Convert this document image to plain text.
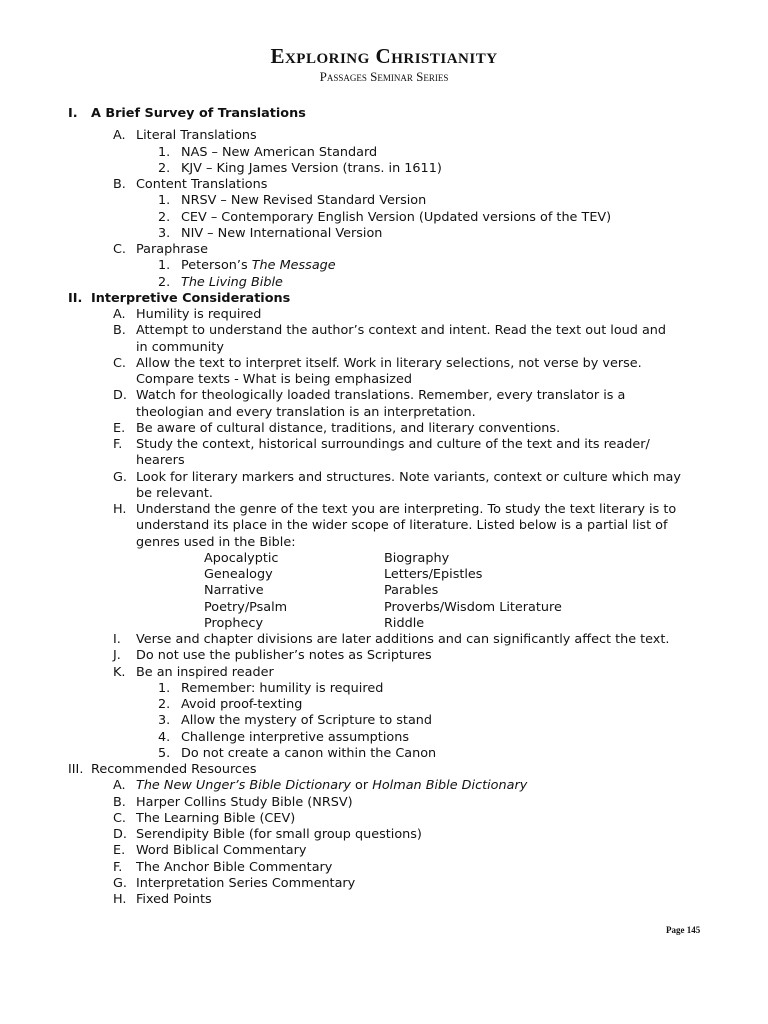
Exploring Christianity
Passages Seminar Series
I. A Brief Survey of Translations
A. Literal Translations
1. NAS – New American Standard
2. KJV – King James Version (trans. in 1611)
B. Content Translations
1. NRSV – New Revised Standard Version
2. CEV – Contemporary English Version (Updated versions of the TEV)
3. NIV – New International Version
C. Paraphrase
1. Peterson’s The Message
2. The Living Bible
II. Interpretive Considerations
A. Humility is required
B. Attempt to understand the author’s context and intent. Read the text out loud and
in community
C. Allow the text to interpret itself. Work in literary selections, not verse by verse.
Compare texts - What is being emphasized
D. Watch for theologically loaded translations. Remember, every translator is a
theologian and every translation is an interpretation.
E. Be aware of cultural distance, traditions, and literary conventions.
F. Study the context, historical surroundings and culture of the text and its reader/
hearers
G. Look for literary markers and structures. Note variants, context or culture which may
be relevant.
H. Understand the genre of the text you are interpreting. To study the text literary is to
understand its place in the wider scope of literature. Listed below is a partial list of
genres used in the Bible:
Apocalyptic	Biography
Genealogy	Letters/Epistles
Narrative	Parables
Poetry/Psalm	Proverbs/Wisdom Literature
Prophecy	Riddle
I. Verse and chapter divisions are later additions and can significantly affect the text.
J. Do not use the publisher’s notes as Scriptures
K. Be an inspired reader
1. Remember: humility is required
2. Avoid proof-texting
3. Allow the mystery of Scripture to stand
4. Challenge interpretive assumptions
5. Do not create a canon within the Canon
III. Recommended Resources
A. The New Unger’s Bible Dictionary or Holman Bible Dictionary
B. Harper Collins Study Bible (NRSV)
C. The Learning Bible (CEV)
D. Serendipity Bible (for small group questions)
E. Word Biblical Commentary
F. The Anchor Bible Commentary
G. Interpretation Series Commentary
H. Fixed Points
Page 145
